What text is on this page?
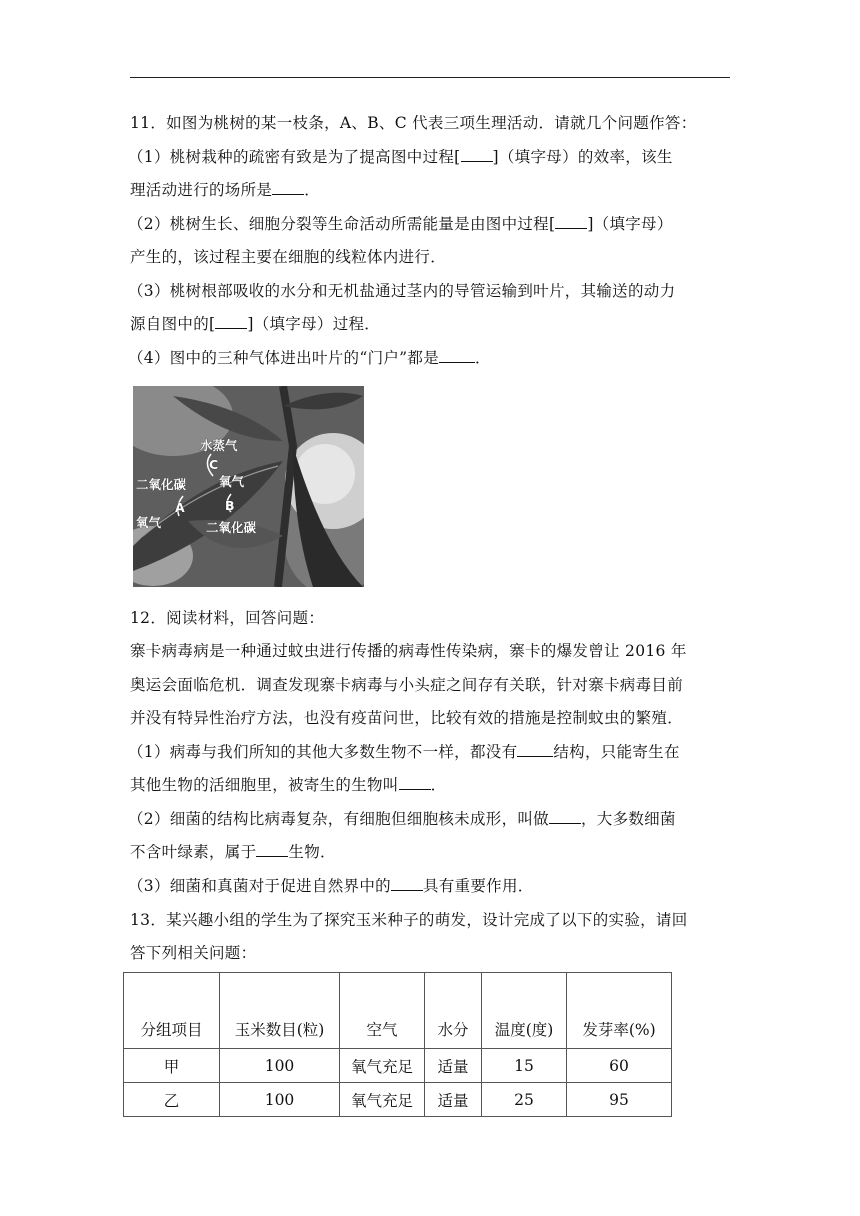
11．如图为桃树的某一枝条，A、B、C 代表三项生理活动．请就几个问题作答：
（1）桃树栽种的疏密有致是为了提高图中过程[ ]（填字母）的效率，该生
理活动进行的场所是 ．
（2）桃树生长、细胞分裂等生命活动所需能量是由图中过程[ ]（填字母）
产生的，该过程主要在细胞的线粒体内进行．
（3）桃树根部吸收的水分和无机盐通过茎内的导管运输到叶片，其输送的动力
源自图中的[ ]（填字母）过程．
（4）图中的三种气体进出叶片的“门户”都是 ．
水蒸气
C
氧气
二氧化碳
A	B
氧气	二氧化碳
12．阅读材料，回答问题：
寨卡病毒病是一种通过蚊虫进行传播的病毒性传染病，寨卡的爆发曾让 2016 年
奥运会面临危机．调查发现寨卡病毒与小头症之间存有关联，针对寨卡病毒目前
并没有特异性治疗方法，也没有疫苗问世，比较有效的措施是控制蚊虫的繁殖．
（1）病毒与我们所知的其他大多数生物不一样，都没有 结构，只能寄生在
其他生物的活细胞里，被寄生的生物叫 ．
（2）细菌的结构比病毒复杂，有细胞但细胞核未成形，叫做 ，大多数细菌
不含叶绿素，属于 生物．
（3）细菌和真菌对于促进自然界中的 具有重要作用．
13．某兴趣小组的学生为了探究玉米种子的萌发，设计完成了以下的实验，请回
答下列相关问题：
分组项目	玉米数目(粒)	空气	水分	温度(度)	发芽率(%)
甲	100	氧气充足	适量	15	60
乙	100	氧气充足	适量	25	95
